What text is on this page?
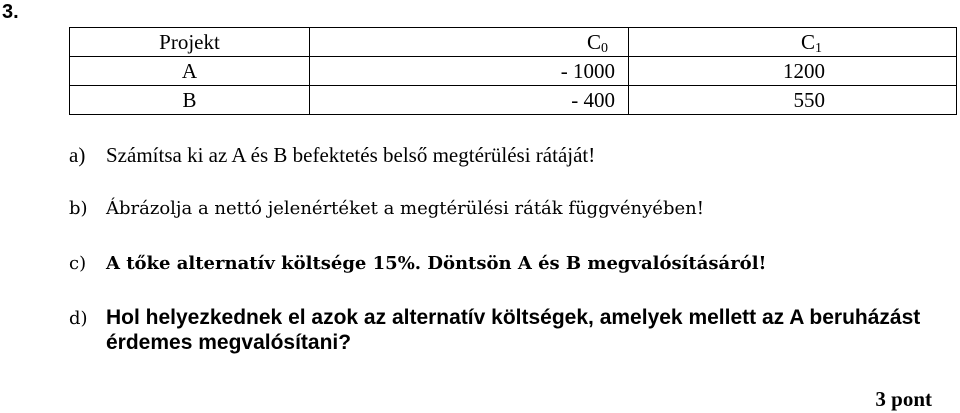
3.
Projekt	$C_0$	$C_1$
A	- 1000	1200
B	- 400	550
a) Számítsa ki az A és B befektetés belső megtérülési rátáját!
b) Ábrázolja a nettó jelenértéket a megtérülési ráták függvényében!
c) A tőke alternatív költsége 15%. Döntsön A és B megvalósításáról!
d) Hol helyezkednek el azok az alternatív költségek, amelyek mellett az A beruházást
érdemes megvalósítani?
3 pont
